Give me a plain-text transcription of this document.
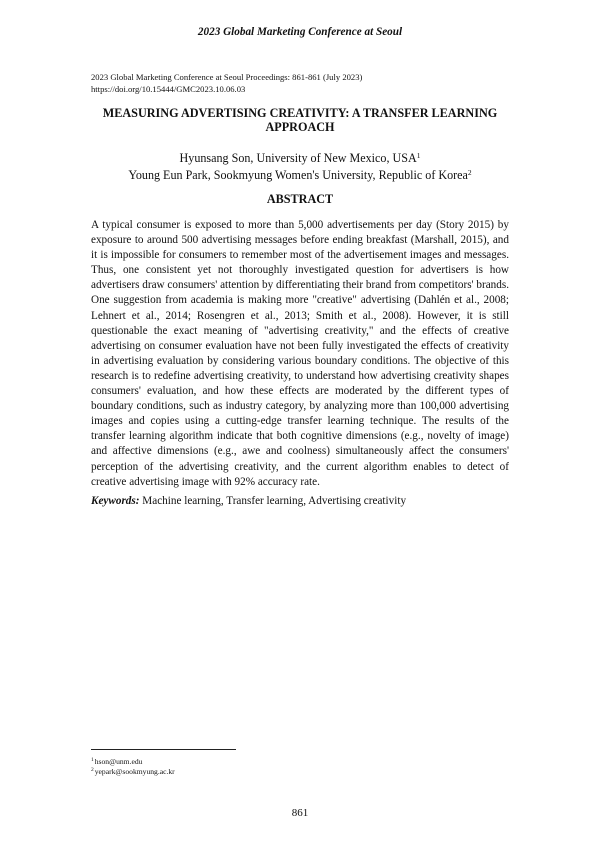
2023 Global Marketing Conference at Seoul
2023 Global Marketing Conference at Seoul Proceedings: 861-861 (July 2023)
https://doi.org/10.15444/GMC2023.10.06.03
MEASURING ADVERTISING CREATIVITY: A TRANSFER LEARNING APPROACH
Hyunsang Son, University of New Mexico, USA$^1$
Young Eun Park, Sookmyung Women's University, Republic of Korea$^2$
ABSTRACT
A typical consumer is exposed to more than 5,000 advertisements per day (Story 2015) by exposure to around 500 advertising messages before ending breakfast (Marshall, 2015), and it is impossible for consumers to remember most of the advertisement images and messages. Thus, one consistent yet not thoroughly investigated question for advertisers is how advertisers draw consumers' attention by differentiating their brand from competitors' brands. One suggestion from academia is making more "creative" advertising (Dahlén et al., 2008; Lehnert et al., 2014; Rosengren et al., 2013; Smith et al., 2008). However, it is still questionable the exact meaning of "advertising creativity," and the effects of creative advertising on consumer evaluation have not been fully investigated the effects of creativity in advertising evaluation by considering various boundary conditions. The objective of this research is to redefine advertising creativity, to understand how advertising creativity shapes consumers' evaluation, and how these effects are moderated by the different types of boundary conditions, such as industry category, by analyzing more than 100,000 advertising images and copies using a cutting-edge transfer learning technique. The results of the transfer learning algorithm indicate that both cognitive dimensions (e.g., novelty of image) and affective dimensions (e.g., awe and coolness) simultaneously affect the consumers' perception of the advertising creativity, and the current algorithm enables to detect of creative advertising image with 92% accuracy rate.
Keywords: Machine learning, Transfer learning, Advertising creativity
$^1$hson@unm.edu
$^2$yepark@sookmyung.ac.kr
861
